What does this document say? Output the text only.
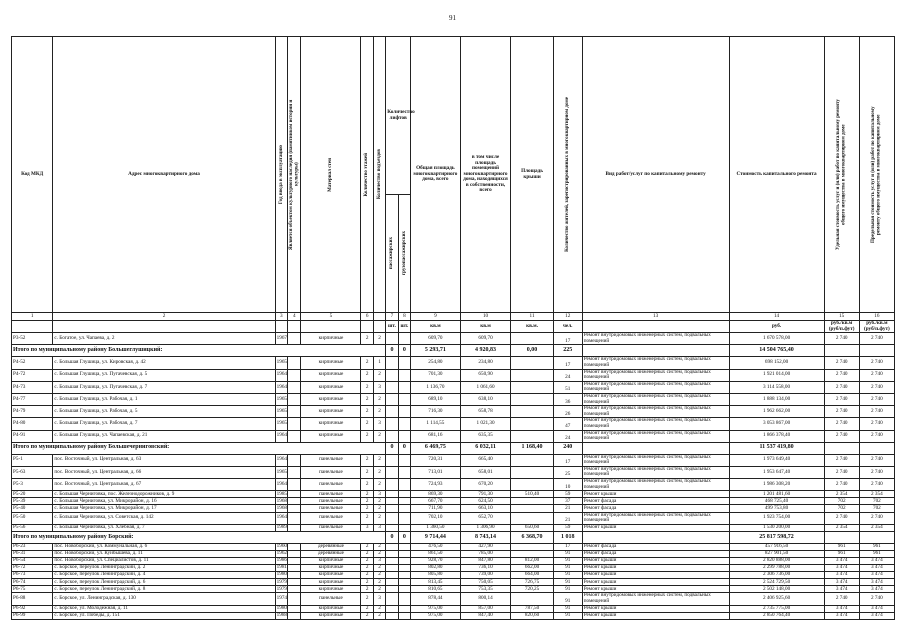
91
Код МКД	Адрес многоквартирного дома	Год ввода в эксплуатацию	Является объектом культурного наследия (памятником истории и культуры)	Материал стен	Количество этажей	Количество подъездов	Количество лифтов		Общая площадь многоквартирного дома, всего	в том числе площадь помещений многоквартирного дома, находящихся в собственности, всего	Площадь крыши	Количество жителей, зарегистрированных в многоквартирном доме	Вид работ/услуг по капитальному ремонту	Стоимость капитального ремонта	Удельная стоимость услуг и (или) работ по капитальному ремонту общего имущества в многоквартирном доме	Предельная стоимость услуг и (или) работ по капитальному ремонту общего имущества в многоквартирном доме

							пассажирских	грузопассажирских								

1	2	3	4	5	6		7	8	9	10	11	12	13	14	15	16
							шт.	шт.	кв.м	кв.м	кв.м.	чел.		руб.	руб./кв.м (руб/п.фут)	руб./кв.м (руб/п.фут)
Р3-52	с. Богатое, ул. Чапаева, д. 2	1967		кирпичные	2	2			609,70	609,70		17	Ремонт внутридомовых инженерных систем, подвальных помещений	1 670 578,00	2 740	2 740
Итого по муниципальному району Большеглушицкий:							0	0	5 293,71	4 920,83	0,00	225		14 504 765,40		
Р4-52	с. Большая Глушица, ул. Кировская, д. 42	1965		кирпичные	2	1			254,80	234,80		17	Ремонт внутридомовых инженерных систем, подвальных помещений	698 152,00	2 740	2 740
Р4-72	с. Большая Глушица, ул. Пугачевская, д. 5	1964		кирпичные	2	2			701,30	650,90		24	Ремонт внутридомовых инженерных систем, подвальных помещений	1 921 014,00	2 740	2 740
Р4-73	с. Большая Глушица, ул. Пугачевская, д. 7	1964		кирпичные	2	3			1 136,70	1 061,60		51	Ремонт внутридомовых инженерных систем, подвальных помещений	3 114 558,00	2 740	2 740
Р4-77	с. Большая Глушица, ул. Рабочая, д. 1	1965		кирпичные	2	2			689,10	638,10		36	Ремонт внутридомовых инженерных систем, подвальных помещений	1 888 134,00	2 740	2 740
Р4-79	с. Большая Глушица, ул. Рабочая, д. 5	1965		кирпичные	2	2			716,30	658,78		26	Ремонт внутридомовых инженерных систем, подвальных помещений	1 962 662,00	2 740	2 740
Р4-80	с. Большая Глушица, ул. Рабочая, д. 7	1965		кирпичные	2	3			1 114,55	1 021,30		47	Ремонт внутридомовых инженерных систем, подвальных помещений	3 053 867,00	2 740	2 740
Р4-91	с. Большая Глушица, ул. Чапаевская, д. 21	1964		кирпичные	2	2			681,16	635,35		24	Ремонт внутридомовых инженерных систем, подвальных помещений	1 866 378,40	2 740	2 740
Итого по муниципальному району Большечерниговский:							0	0	6 469,75	6 032,11	1 168,40	240		11 537 419,80		
Р5-1	пос. Восточный, ул. Центральная, д. 63	1964		панельные	2	2			720,31	665,40		17	Ремонт внутридомовых инженерных систем, подвальных помещений	1 973 649,40	2 740	2 740
Р5-63	пос. Восточный, ул. Центральная, д. 66	1965		панельные	2	2			713,01	658,01		25	Ремонт внутридомовых инженерных систем, подвальных помещений	1 953 647,40	2 740	2 740
Р5-3	пос. Восточный, ул. Центральная, д. 67	1964		панельные	2	2			724,93	670,20		10	Ремонт внутридомовых инженерных систем, подвальных помещений	1 986 308,20	2 740	2 740
Р5-20	с. Большая Черниговка, пос. Железнодорожников, д. 9	1985		панельные	2	3			869,30	791,30	510,40	59	Ремонт крыши	1 201 481,60	2 354	2 354
Р5-39	с. Большая Черниговка, ул. Микрорайон, д. 16	1968		панельные	2	2			667,70	624,50		37	Ремонт фасада	468 725,40	702	702
Р5-40	с. Большая Черниговка, ул. Микрорайон, д. 17	1968		панельные	2	2			711,90	663,10		21	Ремонт фасада	499 753,80	702	702
Р5-50	с. Большая Черниговка, ул. Советская, д. 142	1964		панельные	2	2			702,10	652,70		21	Ремонт внутридомовых инженерных систем, подвальных помещений	1 923 754,00	2 740	2 740
Р5-56	с. Большая Черниговка, ул. Хлебная, д. 7	1989		панельные	3	3			1 360,50	1 306,90	650,60	59	Ремонт крыши	1 530 200,00	2 354	2 354
Итого по муниципальному району Борский:							0	0	9 714,44	8 743,14	6 368,70	1 018		25 817 598,72		
Р6-23	пос. Новоборский, ул. Коммунальная, д. 6	1960		деревянные	2	2			476,50	427,90		17	Ремонт фасада	457 916,50	961	961
Р6-31	пос. Новоборский, ул. Куйбышева, д. 11	1962		деревянные	2	2			861,50	785,00		91	Ремонт фасада	827 901,50	961	961
Р6-54	пос. Новоборский, ул. Специалистов, д. 11	1986		кирпичные	2	3			928,70	847,80	812,00	91	Ремонт крыши	2 820 888,00	3 474	3 474
Р6-72	с. Борское, переулок Ленинградский, д. 2	1981		кирпичные	2	2			802,80	736,10	662,00	91	Ремонт крыши	2 299 788,00	3 474	3 474
Р6-73	с. Борское, переулок Ленинградский, д. 4	1980		кирпичные	2	2			805,80	739,00	664,00	91	Ремонт крыши	2 306 736,00	3 474	3 474
Р6-74	с. Борское, переулок Ленинградский, д. 6	1979		кирпичные	2	2			813,45	750,05	726,75	91	Ремонт крыши	2 524 729,50	3 474	3 474
Р6-75	с. Борское, переулок Ленинградский, д. 8	1979		кирпичные	2	2			810,65	753,35	720,25	91	Ремонт крыши	2 502 148,00	3 474	3 474
Р6-88	с. Борское, ул. Ленинградская, д. 130	1974		панельные	2	3			878,44	800,14		91	Ремонт внутридомовых инженерных систем, подвальных помещений	2 406 925,60	2 740	2 740
Р6-92	с. Борское, ул. Молодежная, д. 11	1980		кирпичные	2	2			975,00	857,00	787,50	91	Ремонт крыши	2 735 775,00	3 474	3 474
Р6-99	с. Борское, ул. Победы, д. 151	1988		кирпичные	2	2			975,00	847,40	820,60	91	Ремонт крыши	2 850 764,40	3 474	3 474
